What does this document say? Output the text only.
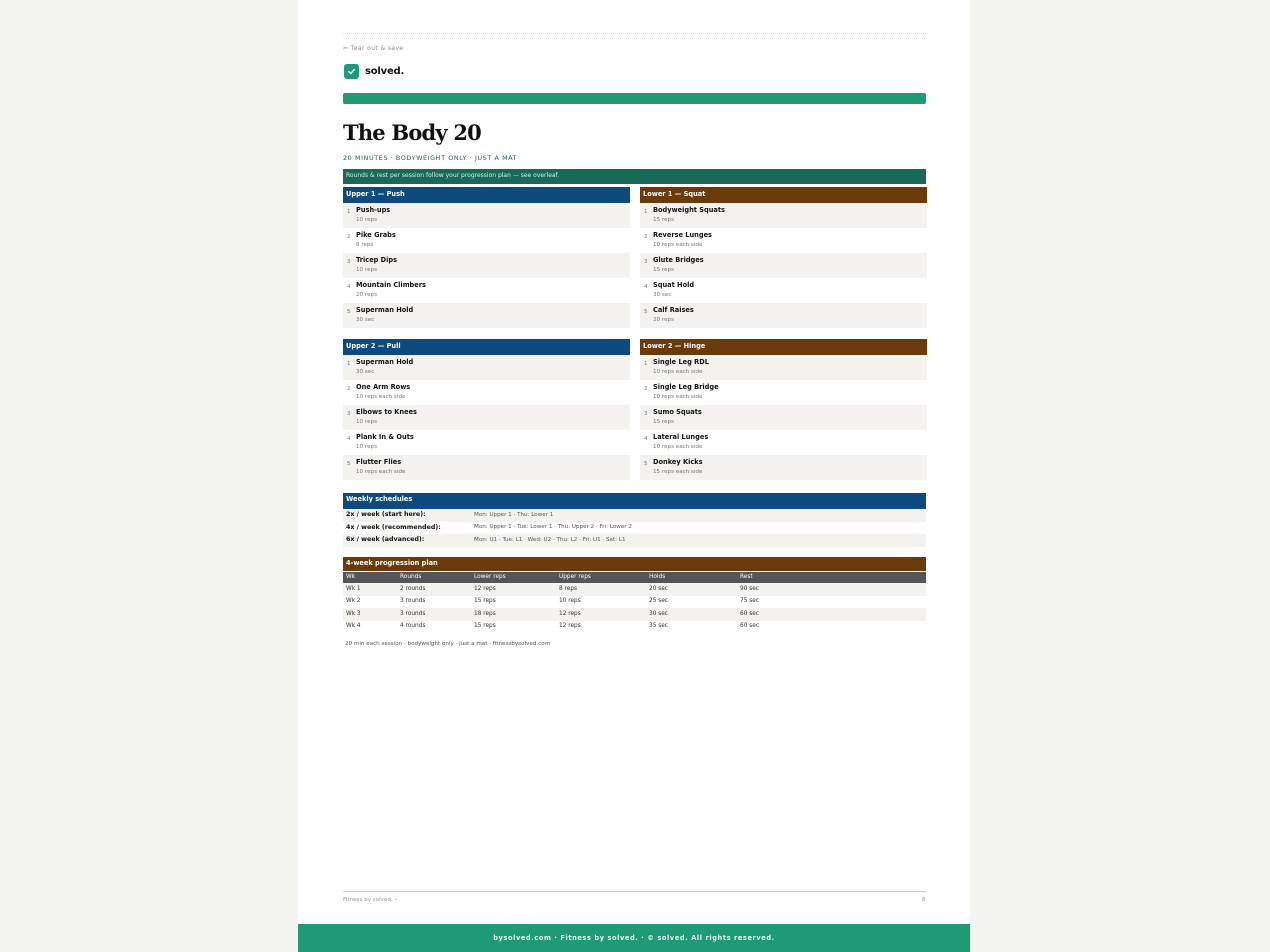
✂ Tear out & save
solved.
The Body 20
20 MINUTES · BODYWEIGHT ONLY · JUST A MAT
Rounds & rest per session follow your progression plan — see overleaf.
Upper 1 — Push
1 Push-ups
10 reps
2 Pike Grabs
8 reps
3 Tricep Dips
10 reps
4 Mountain Climbers
20 reps
5 Superman Hold
30 sec
Lower 1 — Squat
1 Bodyweight Squats
15 reps
2 Reverse Lunges
10 reps each side
3 Glute Bridges
15 reps
4 Squat Hold
30 sec
5 Calf Raises
20 reps
Upper 2 — Pull
1 Superman Hold
30 sec
2 One Arm Rows
10 reps each side
3 Elbows to Knees
10 reps
4 Plank In & Outs
10 reps
5 Flutter Flies
10 reps each side
Lower 2 — Hinge
1 Single Leg RDL
10 reps each side
2 Single Leg Bridge
10 reps each side
3 Sumo Squats
15 reps
4 Lateral Lunges
10 reps each side
5 Donkey Kicks
15 reps each side
Weekly schedules
2x / week (start here):	Mon: Upper 1 · Thu: Lower 1
4x / week (recommended):	Mon: Upper 1 · Tue: Lower 1 · Thu: Upper 2 · Fri: Lower 2
6x / week (advanced):	Mon: U1 · Tue: L1 · Wed: U2 · Thu: L2 · Fri: U1 · Sat: L1
4-week progression plan
Wk	Rounds	Lower reps	Upper reps	Holds	Rest
Wk 1	2 rounds	12 reps	8 reps	20 sec	90 sec
Wk 2	3 rounds	15 reps	10 reps	25 sec	75 sec
Wk 3	3 rounds	18 reps	12 reps	30 sec	60 sec
Wk 4	4 rounds	15 reps	12 reps	35 sec	60 sec
20 min each session · bodyweight only · just a mat · fitnessbysolved.com
Fitness by solved. –	8
bysolved.com · Fitness by solved. · © solved. All rights reserved.
